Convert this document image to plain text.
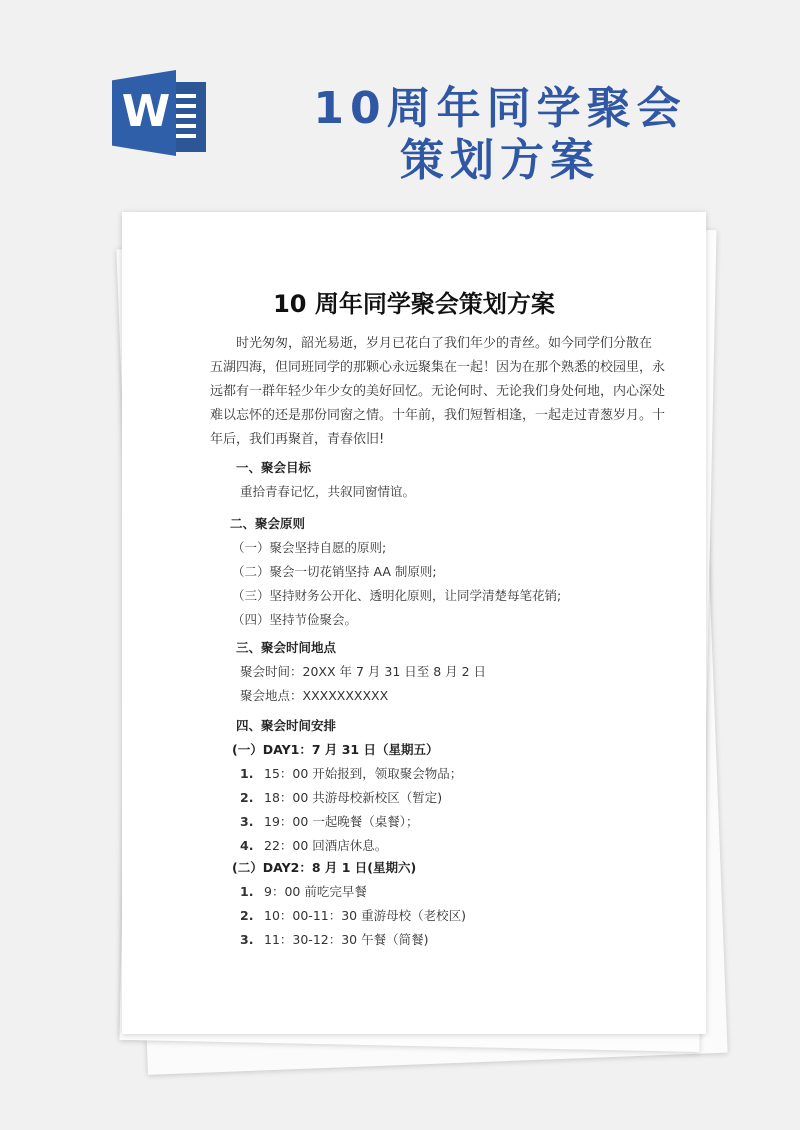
W	10周年同学聚会
策划方案
10 周年同学聚会策划方案
时光匆匆，韶光易逝，岁月已花白了我们年少的青丝。如今同学们分散在
五湖四海，但同班同学的那颗心永远聚集在一起！因为在那个熟悉的校园里，永
远都有一群年轻少年少女的美好回忆。无论何时、无论我们身处何地，内心深处
难以忘怀的还是那份同窗之情。十年前，我们短暂相逢，一起走过青葱岁月。十
年后，我们再聚首，青春依旧!
一、聚会目标
重拾青春记忆，共叙同窗情谊。
二、聚会原则
（一）聚会坚持自愿的原则;
（二）聚会一切花销坚持 AA 制原则;
（三）坚持财务公开化、透明化原则，让同学清楚每笔花销;
（四）坚持节俭聚会。
三、聚会时间地点
聚会时间：20XX 年 7 月 31 日至 8 月 2 日
聚会地点：XXXXXXXXXX
四、聚会时间安排
(一）DAY1：7 月 31 日（星期五）
1. 15：00 开始报到，领取聚会物品；
2. 18：00 共游母校新校区（暂定)
3. 19：00 一起晚餐（桌餐）；
4. 22：00 回酒店休息。
(二）DAY2：8 月 1 日(星期六)
1. 9：00 前吃完早餐
2. 10：00-11：30 重游母校（老校区)
3. 11：30-12：30 午餐（简餐)
